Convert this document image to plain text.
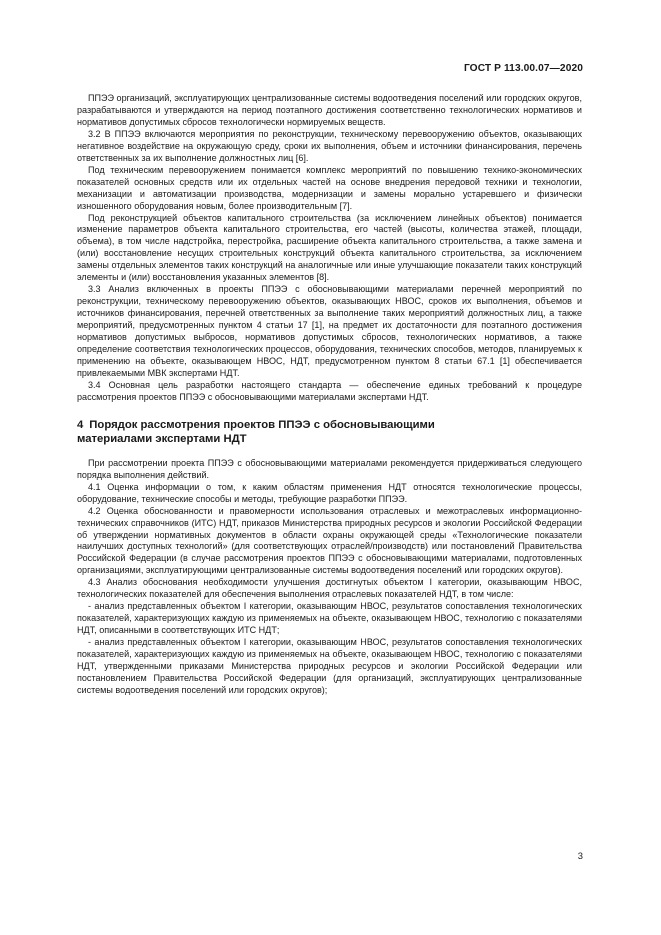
ГОСТ Р 113.00.07—2020

ППЭЭ организаций, эксплуатирующих централизованные системы водоотведения поселений или городских округов, разрабатываются и утверждаются на период поэтапного достижения соответственно технологических нормативов и нормативов допустимых сбросов технологически нормируемых веществ.

3.2 В ППЭЭ включаются мероприятия по реконструкции, техническому перевооружению объектов, оказывающих негативное воздействие на окружающую среду, сроки их выполнения, объем и источники финансирования, перечень ответственных за их выполнение должностных лиц [6].

Под техническим перевооружением понимается комплекс мероприятий по повышению технико-экономических показателей основных средств или их отдельных частей на основе внедрения передовой техники и технологии, механизации и автоматизации производства, модернизации и замены морально устаревшего и физически изношенного оборудования новым, более производительным [7].

Под реконструкцией объектов капитального строительства (за исключением линейных объектов) понимается изменение параметров объекта капитального строительства, его частей (высоты, количества этажей, площади, объема), в том числе надстройка, перестройка, расширение объекта капитального строительства, а также замена и (или) восстановление несущих строительных конструкций объекта капитального строительства, за исключением замены отдельных элементов таких конструкций на аналогичные или иные улучшающие показатели таких конструкций элементы и (или) восстановления указанных элементов [8].

3.3 Анализ включенных в проекты ППЭЭ с обосновывающими материалами перечней мероприятий по реконструкции, техническому перевооружению объектов, оказывающих НВОС, сроков их выполнения, объемов и источников финансирования, перечней ответственных за выполнение таких мероприятий должностных лиц, а также мероприятий, предусмотренных пунктом 4 статьи 17 [1], на предмет их достаточности для поэтапного достижения нормативов допустимых выбросов, нормативов допустимых сбросов, технологических нормативов, а также определение соответствия технологических процессов, оборудования, технических способов, методов, планируемых к применению на объекте, оказывающем НВОС, НДТ, предусмотренном пунктом 8 статьи 67.1 [1] обеспечивается привлекаемыми МВК экспертами НДТ.

3.4 Основная цель разработки настоящего стандарта — обеспечение единых требований к процедуре рассмотрения проектов ППЭЭ с обосновывающими материалами экспертами НДТ.

4 Порядок рассмотрения проектов ППЭЭ с обосновывающими
материалами экспертами НДТ

При рассмотрении проекта ППЭЭ с обосновывающими материалами рекомендуется придерживаться следующего порядка выполнения действий.

4.1 Оценка информации о том, к каким областям применения НДТ относятся технологические процессы, оборудование, технические способы и методы, требующие разработки ППЭЭ.

4.2 Оценка обоснованности и правомерности использования отраслевых и межотраслевых информационно-технических справочников (ИТС) НДТ, приказов Министерства природных ресурсов и экологии Российской Федерации об утверждении нормативных документов в области охраны окружающей среды «Технологические показатели наилучших доступных технологий» (для соответствующих отраслей/производств) или постановлений Правительства Российской Федерации (в случае рассмотрения проектов ППЭЭ с обосновывающими материалами, подготовленных организациями, эксплуатирующими централизованные системы водоотведения поселений или городских округов).

4.3 Анализ обоснования необходимости улучшения достигнутых объектом I категории, оказывающим НВОС, технологических показателей для обеспечения выполнения отраслевых показателей НДТ, в том числе:

- анализ представленных объектом I категории, оказывающим НВОС, результатов сопоставления технологических показателей, характеризующих каждую из применяемых на объекте, оказывающем НВОС, технологию с показателями НДТ, описанными в соответствующих ИТС НДТ;

- анализ представленных объектом I категории, оказывающим НВОС, результатов сопоставления технологических показателей, характеризующих каждую из применяемых на объекте, оказывающем НВОС, технологию с показателями НДТ, утвержденными приказами Министерства природных ресурсов и экологии Российской Федерации или постановлением Правительства Российской Федерации (для организаций, эксплуатирующих централизованные системы водоотведения поселений или городских округов);

3
